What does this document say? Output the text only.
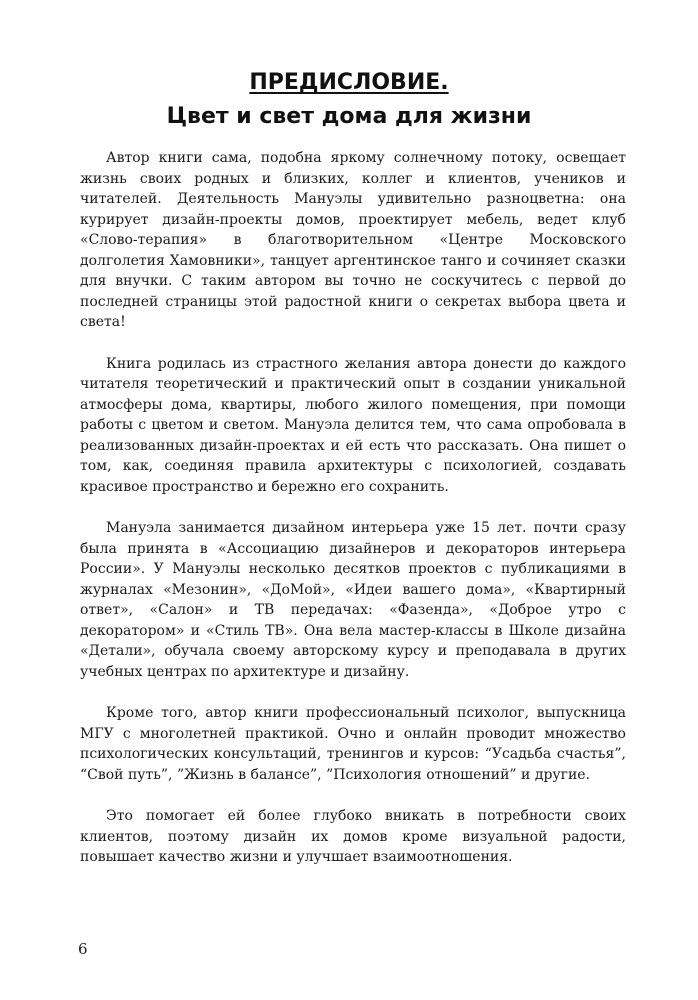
ПРЕДИСЛОВИЕ.
Цвет и свет дома для жизни

Автор книги сама, подобна яркому солнечному потоку, освещает жизнь своих родных и близких, коллег и клиентов, учеников и читателей. Деятельность Мануэлы удивительно разноцветна: она курирует дизайн-проекты домов, проектирует мебель, ведет клуб «Слово-терапия» в благотворительном «Центре Московского долголетия Хамовники», танцует аргентинское танго и сочиняет сказки для внучки. С таким автором вы точно не соскучитесь с первой до последней страницы этой радостной книги о секретах выбора цвета и света!

Книга родилась из страстного желания автора донести до каждого читателя теоретический и практический опыт в создании уникальной атмосферы дома, квартиры, любого жилого помещения, при помощи работы с цветом и светом. Мануэла делится тем, что сама опробовала в реализованных дизайн-проектах и ей есть что рассказать. Она пишет о том, как, соединяя правила архитектуры с психологией, создавать красивое пространство и бережно его сохранить.

Мануэла занимается дизайном интерьера уже 15 лет. почти сразу была принята в «Ассоциацию дизайнеров и декораторов интерьера России». У Мануэлы несколько десятков проектов с публикациями в журналах «Мезонин», «ДоМой», «Идеи вашего дома», «Квартирный ответ», «Салон» и ТВ передачах: «Фазенда», «Доброе утро с декоратором» и «Стиль ТВ». Она вела мастер-классы в Школе дизайна «Детали», обучала своему авторскому курсу и преподавала в других учебных центрах по архитектуре и дизайну.

Кроме того, автор книги профессиональный психолог, выпускница МГУ с многолетней практикой. Очно и онлайн проводит множество психологических консультаций, тренингов и курсов: “Усадьба счастья”, “Свой путь”, ”Жизнь в балансе”, ”Психология отношений” и другие.

Это помогает ей более глубоко вникать в потребности своих клиентов, поэтому дизайн их домов кроме визуальной радости, повышает качество жизни и улучшает взаимоотношения.

6
